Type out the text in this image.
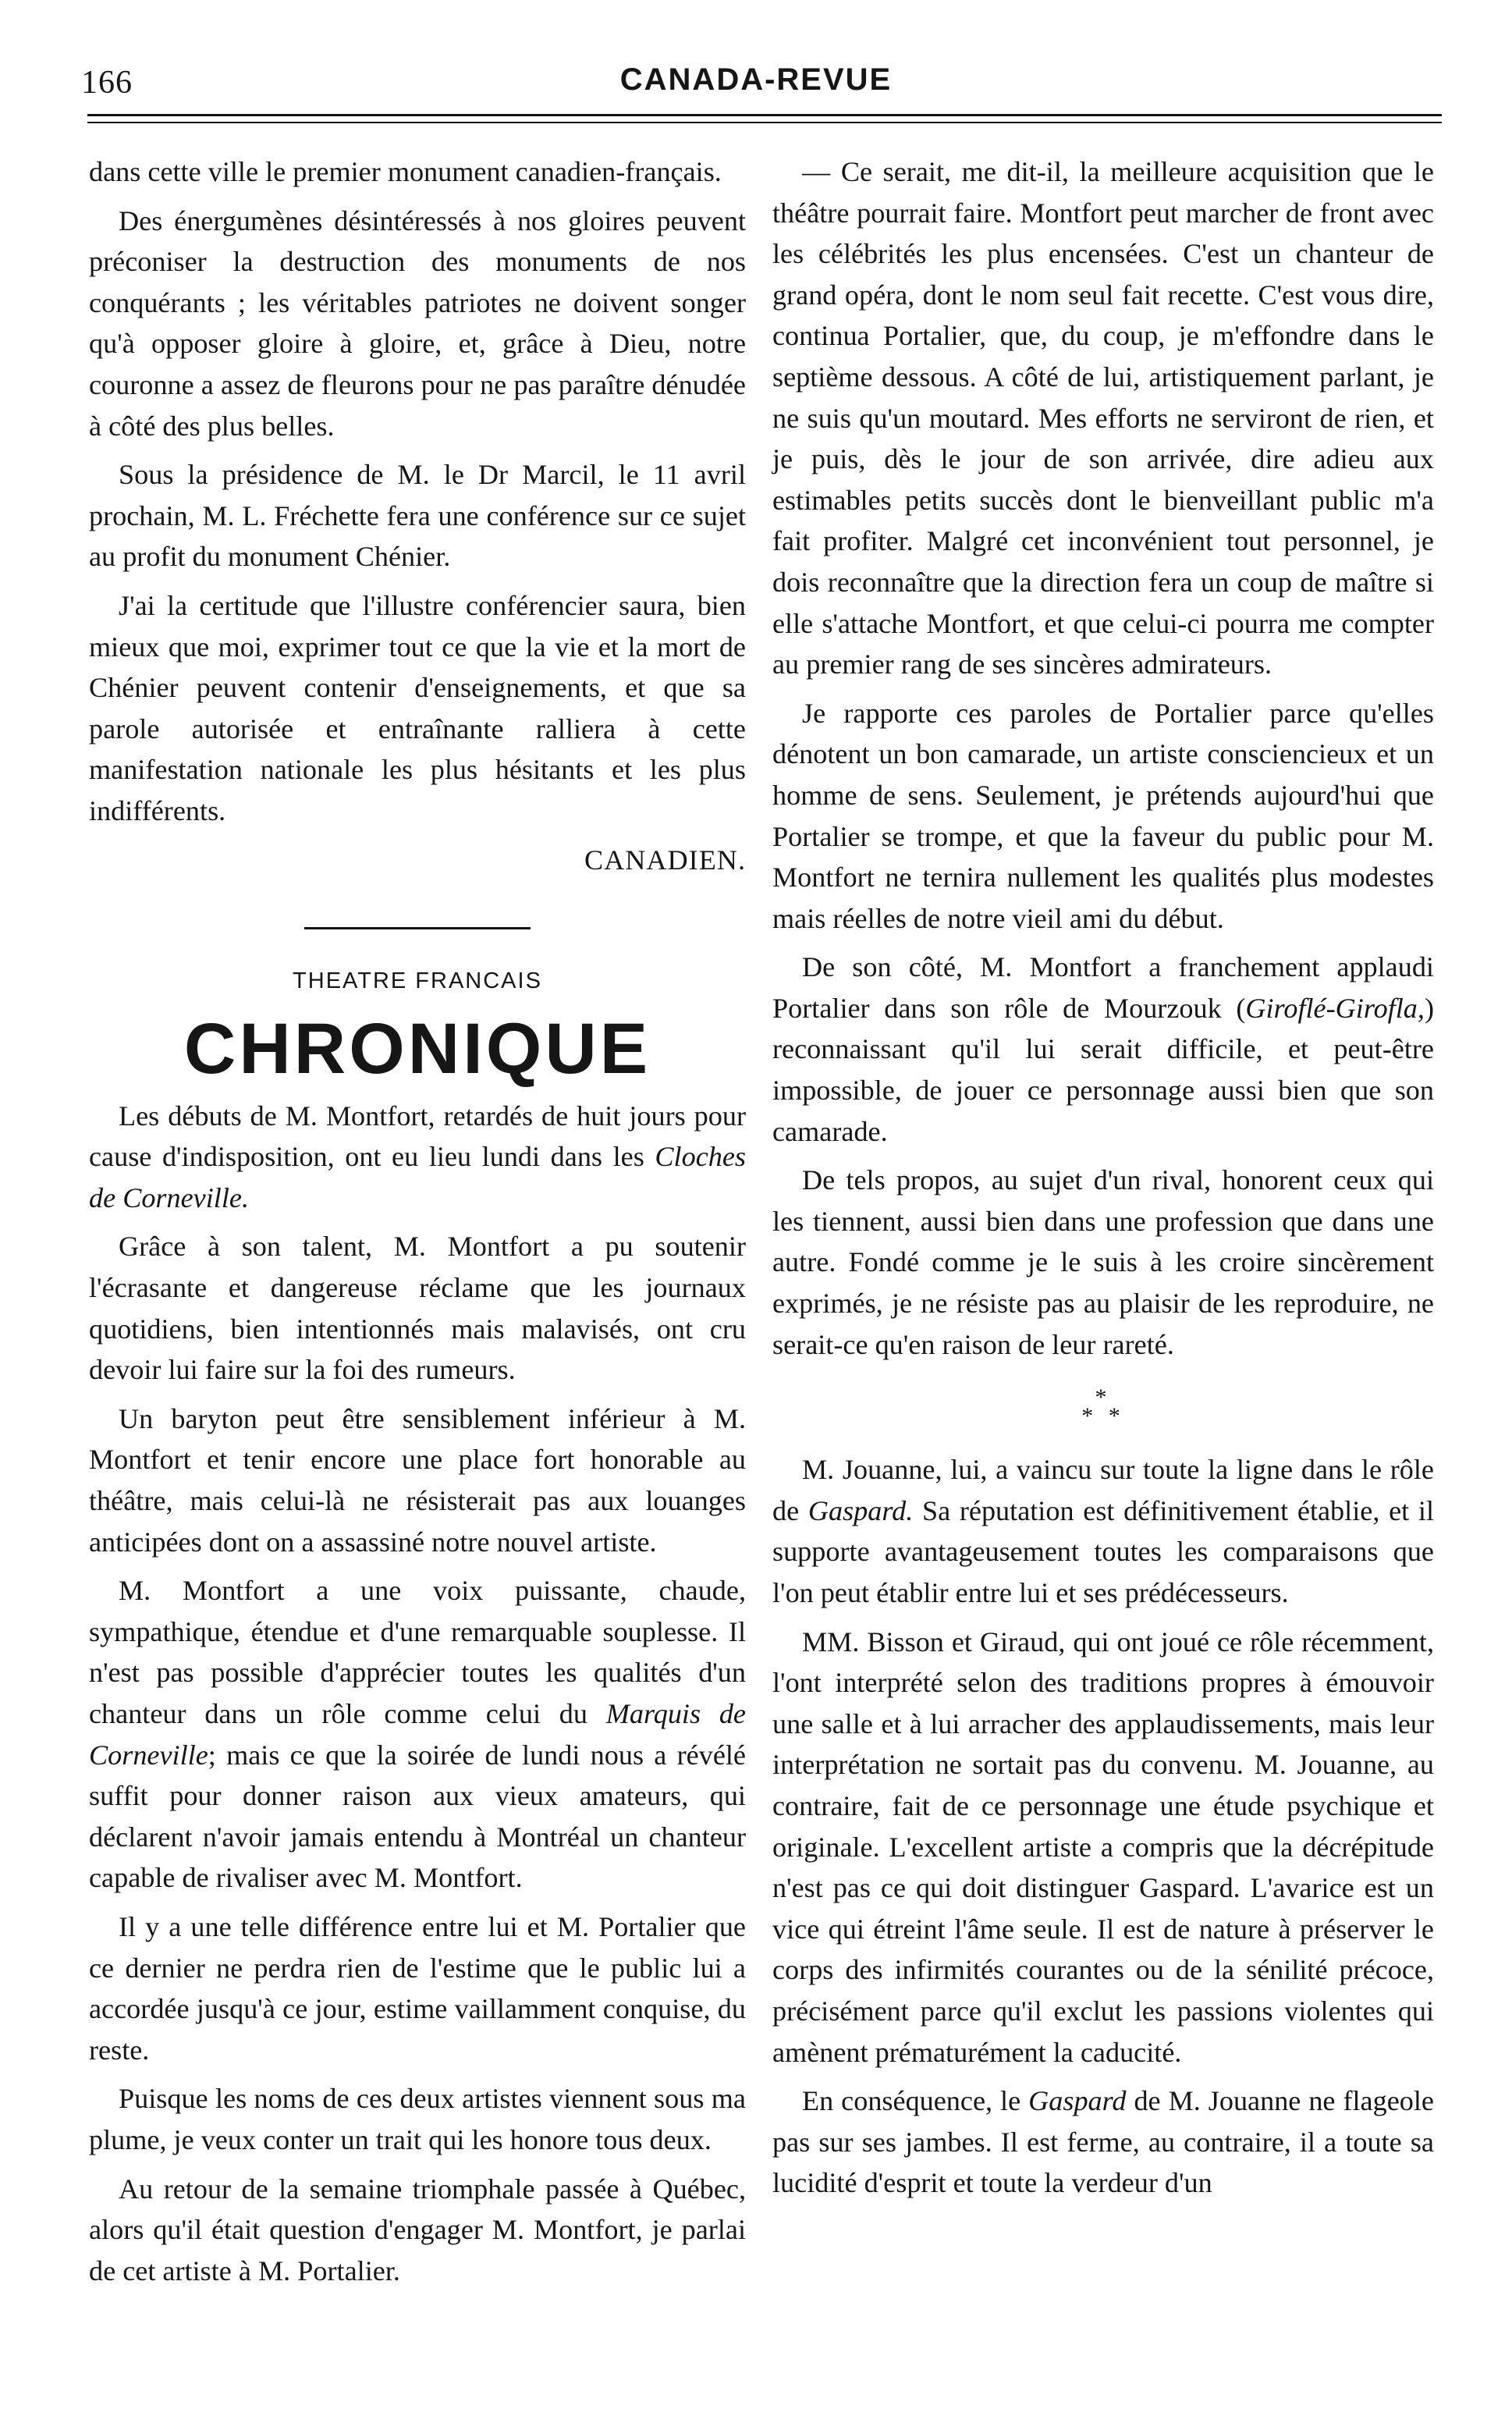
166	CANADA-REVUE

dans cette ville le premier monument canadien-français.

Des énergumènes désintéressés à nos gloires peuvent préconiser la destruction des monuments de nos conquérants ; les véritables patriotes ne doivent songer qu'à opposer gloire à gloire, et, grâce à Dieu, notre couronne a assez de fleurons pour ne pas paraître dénudée à côté des plus belles.

Sous la présidence de M. le Dr Marcil, le 11 avril prochain, M. L. Fréchette fera une conférence sur ce sujet au profit du monument Chénier.

J'ai la certitude que l'illustre conférencier saura, bien mieux que moi, exprimer tout ce que la vie et la mort de Chénier peuvent contenir d'enseignements, et que sa parole autorisée et entraînante ralliera à cette manifestation nationale les plus hésitants et les plus indifférents.

CANADIEN.

THEATRE FRANCAIS

CHRONIQUE

Les débuts de M. Montfort, retardés de huit jours pour cause d'indisposition, ont eu lieu lundi dans les Cloches de Corneville.

Grâce à son talent, M. Montfort a pu soutenir l'écrasante et dangereuse réclame que les journaux quotidiens, bien intentionnés mais malavisés, ont cru devoir lui faire sur la foi des rumeurs.

Un baryton peut être sensiblement inférieur à M. Montfort et tenir encore une place fort honorable au théâtre, mais celui-là ne résisterait pas aux louanges anticipées dont on a assassiné notre nouvel artiste.

M. Montfort a une voix puissante, chaude, sympathique, étendue et d'une remarquable souplesse. Il n'est pas possible d'apprécier toutes les qualités d'un chanteur dans un rôle comme celui du Marquis de Corneville; mais ce que la soirée de lundi nous a révélé suffit pour donner raison aux vieux amateurs, qui déclarent n'avoir jamais entendu à Montréal un chanteur capable de rivaliser avec M. Montfort.

Il y a une telle différence entre lui et M. Portalier que ce dernier ne perdra rien de l'estime que le public lui a accordée jusqu'à ce jour, estime vaillamment conquise, du reste.

Puisque les noms de ces deux artistes viennent sous ma plume, je veux conter un trait qui les honore tous deux.

Au retour de la semaine triomphale passée à Québec, alors qu'il était question d'engager M. Montfort, je parlai de cet artiste à M. Portalier.

— Ce serait, me dit-il, la meilleure acquisition que le théâtre pourrait faire. Montfort peut marcher de front avec les célébrités les plus encensées. C'est un chanteur de grand opéra, dont le nom seul fait recette. C'est vous dire, continua Portalier, que, du coup, je m'effondre dans le septième dessous. A côté de lui, artistiquement parlant, je ne suis qu'un moutard. Mes efforts ne serviront de rien, et je puis, dès le jour de son arrivée, dire adieu aux estimables petits succès dont le bienveillant public m'a fait profiter. Malgré cet inconvénient tout personnel, je dois reconnaître que la direction fera un coup de maître si elle s'attache Montfort, et que celui-ci pourra me compter au premier rang de ses sincères admirateurs.

Je rapporte ces paroles de Portalier parce qu'elles dénotent un bon camarade, un artiste consciencieux et un homme de sens. Seulement, je prétends aujourd'hui que Portalier se trompe, et que la faveur du public pour M. Montfort ne ternira nullement les qualités plus modestes mais réelles de notre vieil ami du début.

De son côté, M. Montfort a franchement applaudi Portalier dans son rôle de Mourzouk (Giroflé-Girofla,) reconnaissant qu'il lui serait difficile, et peut-être impossible, de jouer ce personnage aussi bien que son camarade.

De tels propos, au sujet d'un rival, honorent ceux qui les tiennent, aussi bien dans une profession que dans une autre. Fondé comme je le suis à les croire sincèrement exprimés, je ne résiste pas au plaisir de les reproduire, ne serait-ce qu'en raison de leur rareté.

*
* *

M. Jouanne, lui, a vaincu sur toute la ligne dans le rôle de Gaspard. Sa réputation est définitivement établie, et il supporte avantageusement toutes les comparaisons que l'on peut établir entre lui et ses prédécesseurs.

MM. Bisson et Giraud, qui ont joué ce rôle récemment, l'ont interprété selon des traditions propres à émouvoir une salle et à lui arracher des applaudissements, mais leur interprétation ne sortait pas du convenu. M. Jouanne, au contraire, fait de ce personnage une étude psychique et originale. L'excellent artiste a compris que la décrépitude n'est pas ce qui doit distinguer Gaspard. L'avarice est un vice qui étreint l'âme seule. Il est de nature à préserver le corps des infirmités courantes ou de la sénilité précoce, précisément parce qu'il exclut les passions violentes qui amènent prématurément la caducité.

En conséquence, le Gaspard de M. Jouanne ne flageole pas sur ses jambes. Il est ferme, au contraire, il a toute sa lucidité d'esprit et toute la verdeur d'un
